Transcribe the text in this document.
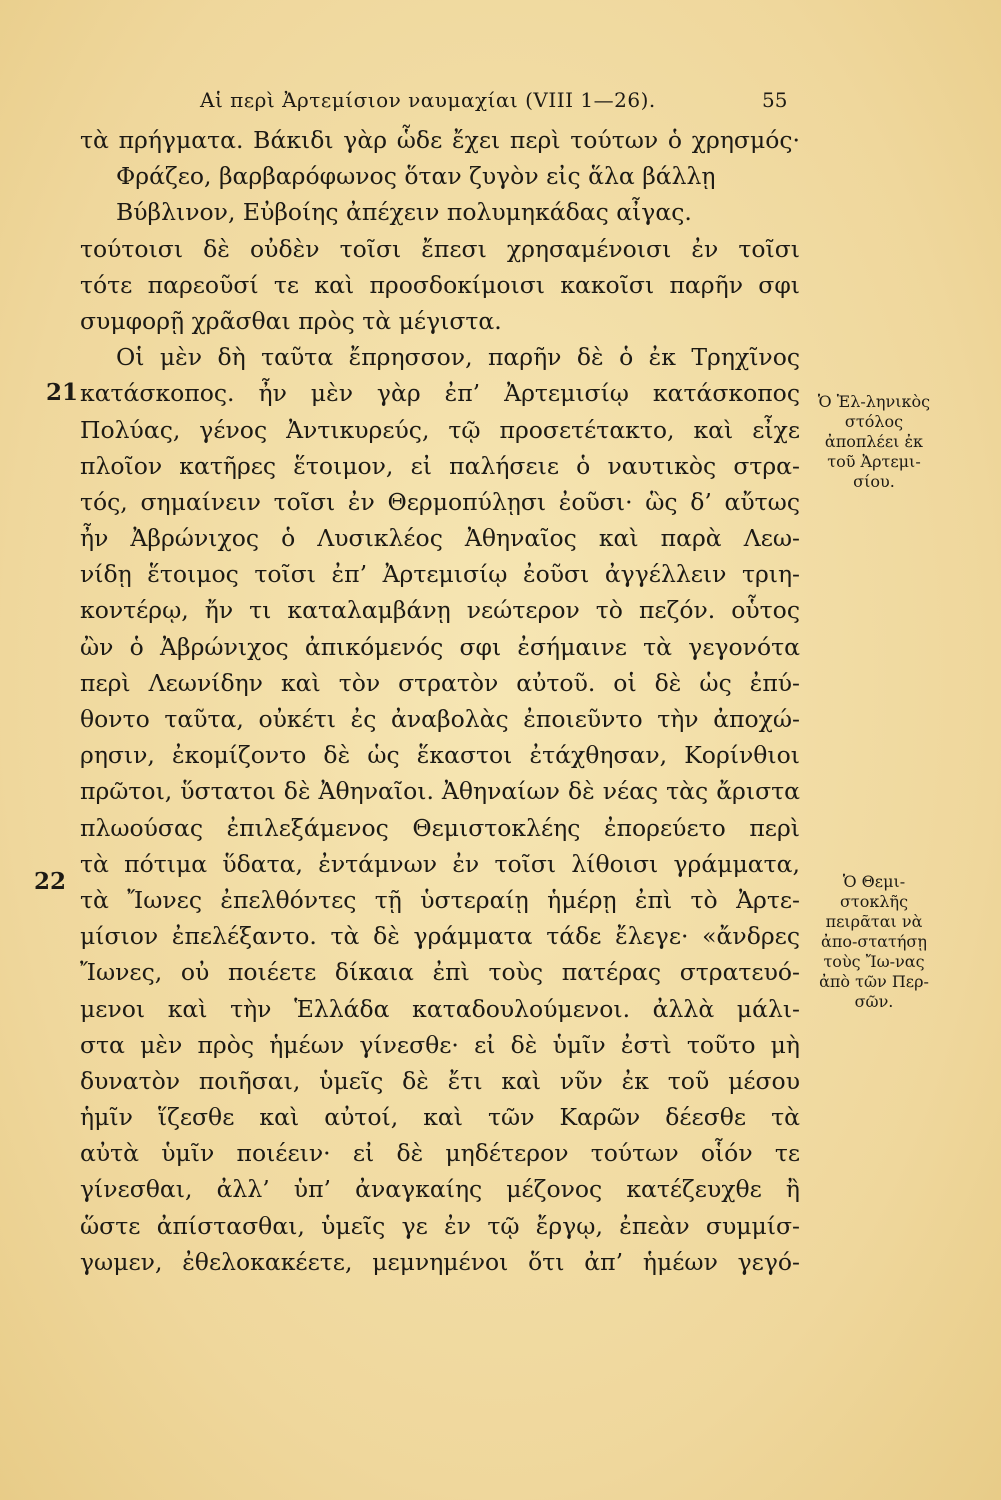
Αἱ περὶ Ἀρτεμίσιον ναυμαχίαι (VIII 1—26).	55
τὰ πρήγματα. Βάκιδι γὰρ ὧδε ἔχει περὶ τούτων ὁ χρησμός·
Φράζεο, βαρβαρόφωνος ὅταν ζυγὸν εἰς ἅλα βάλλῃ
Βύβλινον, Εὐβοίης ἀπέχειν πολυμηκάδας αἶγας.
τούτοισι δὲ οὐδὲν τοῖσι ἔπεσι χρησαμένοισι ἐν τοῖσι
τότε παρεοῦσί τε καὶ προσδοκίμοισι κακοῖσι παρῆν σφι
συμφορῇ χρᾶσθαι πρὸς τὰ μέγιστα.
Οἱ μὲν δὴ ταῦτα ἔπρησσον, παρῆν δὲ ὁ ἐκ Τρηχῖνος
κατάσκοπος. ἦν μὲν γὰρ ἐπ’ Ἀρτεμισίῳ κατάσκοπος
Πολύας, γένος Ἀντικυρεύς, τῷ προσετέτακτο, καὶ εἶχε
πλοῖον κατῆρες ἕτοιμον, εἰ παλήσειε ὁ ναυτικὸς στρα-
τός, σημαίνειν τοῖσι ἐν Θερμοπύλῃσι ἐοῦσι· ὣς δ’ αὔτως
ἦν Ἀβρώνιχος ὁ Λυσικλέος Ἀθηναῖος καὶ παρὰ Λεω-
νίδῃ ἕτοιμος τοῖσι ἐπ’ Ἀρτεμισίῳ ἐοῦσι ἀγγέλλειν τριη-
κοντέρῳ, ἤν τι καταλαμβάνῃ νεώτερον τὸ πεζόν. οὗτος
ὢν ὁ Ἀβρώνιχος ἀπικόμενός σφι ἐσήμαινε τὰ γεγονότα
περὶ Λεωνίδην καὶ τὸν στρατὸν αὐτοῦ. οἱ δὲ ὡς ἐπύ-
θοντο ταῦτα, οὐκέτι ἐς ἀναβολὰς ἐποιεῦντο τὴν ἀποχώ-
ρησιν, ἐκομίζοντο δὲ ὡς ἕκαστοι ἐτάχθησαν, Κορίνθιοι
πρῶτοι, ὕστατοι δὲ Ἀθηναῖοι. Ἀθηναίων δὲ νέας τὰς ἄριστα
πλωούσας ἐπιλεξάμενος Θεμιστοκλέης ἐπορεύετο περὶ
τὰ πότιμα ὕδατα, ἐντάμνων ἐν τοῖσι λίθοισι γράμματα,
τὰ Ἴωνες ἐπελθόντες τῇ ὑστεραίῃ ἡμέρῃ ἐπὶ τὸ Ἀρτε-
μίσιον ἐπελέξαντο. τὰ δὲ γράμματα τάδε ἔλεγε· «ἄνδρες
Ἴωνες, οὐ ποιέετε δίκαια ἐπὶ τοὺς πατέρας στρατευό-
μενοι καὶ τὴν Ἑλλάδα καταδουλούμενοι. ἀλλὰ μάλι-
στα μὲν πρὸς ἡμέων γίνεσθε· εἰ δὲ ὑμῖν ἐστὶ τοῦτο μὴ
δυνατὸν ποιῆσαι, ὑμεῖς δὲ ἔτι καὶ νῦν ἐκ τοῦ μέσου
ἡμῖν ἵζεσθε καὶ αὐτοί, καὶ τῶν Καρῶν δέεσθε τὰ
αὐτὰ ὑμῖν ποιέειν· εἰ δὲ μηδέτερον τούτων οἷόν τε
γίνεσθαι, ἀλλ’ ὑπ’ ἀναγκαίης μέζονος κατέζευχθε ἢ
ὥστε ἀπίστασθαι, ὑμεῖς γε ἐν τῷ ἔργῳ, ἐπεὰν συμμίσ-
γωμεν, ἐθελοκακέετε, μεμνημένοι ὅτι ἀπ’ ἡμέων γεγό-
21
22
Ὁ Ἑλ-ληνικὸς στόλος ἀποπλέει ἐκ τοῦ Ἀρτεμι-σίου.
Ὁ Θεμι-στοκλῆς πειρᾶται νὰ ἀπο-στατήσῃ τοὺς Ἴω-νας ἀπὸ τῶν Περ-σῶν.
